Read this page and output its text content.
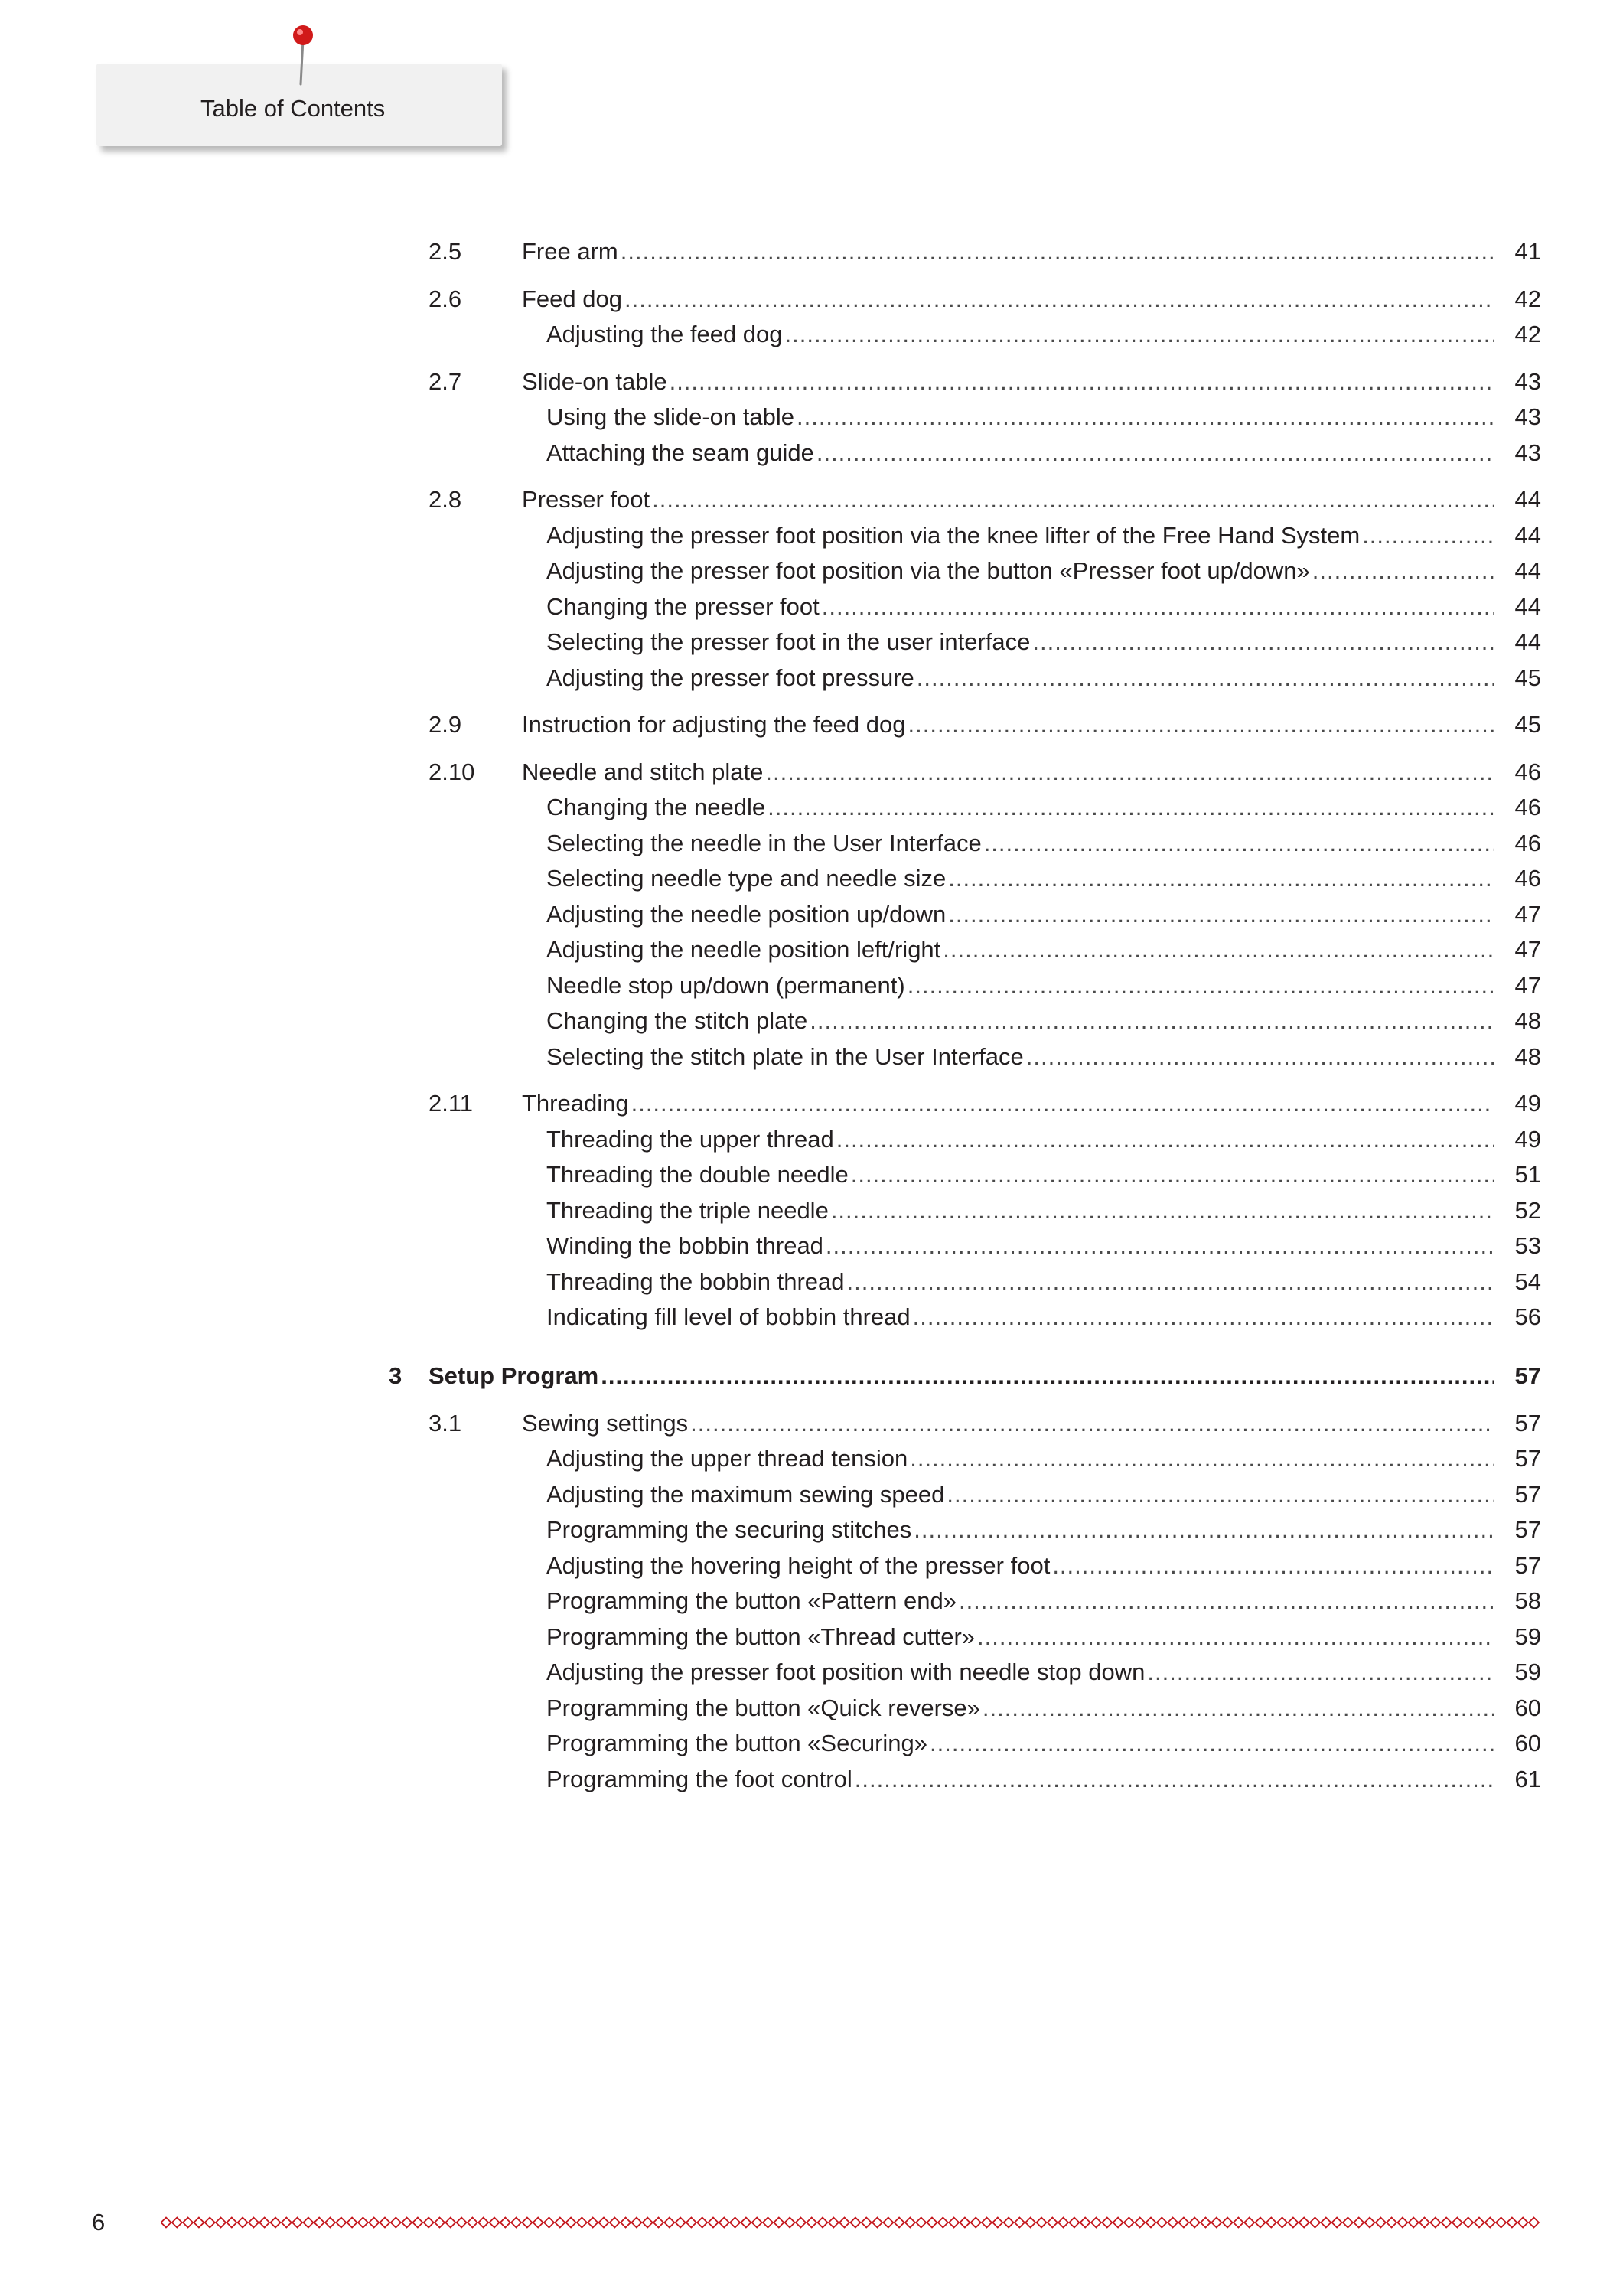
Table of Contents
2.5	Free arm .....	41
2.6	Feed dog .....	42
Adjusting the feed dog .....	42
2.7	Slide-on table .....	43
Using the slide-on table .....	43
Attaching the seam guide .....	43
2.8	Presser foot .....	44
Adjusting the presser foot position via the knee lifter of the Free Hand System .....	44
Adjusting the presser foot position via the button «Presser foot up/down» .....	44
Changing the presser foot .....	44
Selecting the presser foot in the user interface .....	44
Adjusting the presser foot pressure .....	45
2.9	Instruction for adjusting the feed dog .....	45
2.10 Needle and stitch plate .....	46
Changing the needle .....	46
Selecting the needle in the User Interface .....	46
Selecting needle type and needle size .....	46
Adjusting the needle position up/down .....	47
Adjusting the needle position left/right .....	47
Needle stop up/down (permanent) .....	47
Changing the stitch plate .....	48
Selecting the stitch plate in the User Interface .....	48
2.11 Threading .....	49
Threading the upper thread .....	49
Threading the double needle .....	51
Threading the triple needle .....	52
Winding the bobbin thread .....	53
Threading the bobbin thread .....	54
Indicating fill level of bobbin thread .....	56
3 Setup Program .....	57
3.1	Sewing settings .....	57
Adjusting the upper thread tension .....	57
Adjusting the maximum sewing speed .....	57
Programming the securing stitches .....	57
Adjusting the hovering height of the presser foot .....	57
Programming the button «Pattern end» .....	58
Programming the button «Thread cutter» .....	59
Adjusting the presser foot position with needle stop down .....	59
Programming the button «Quick reverse» .....	60
Programming the button «Securing» .....	60
Programming the foot control .....	61
6
